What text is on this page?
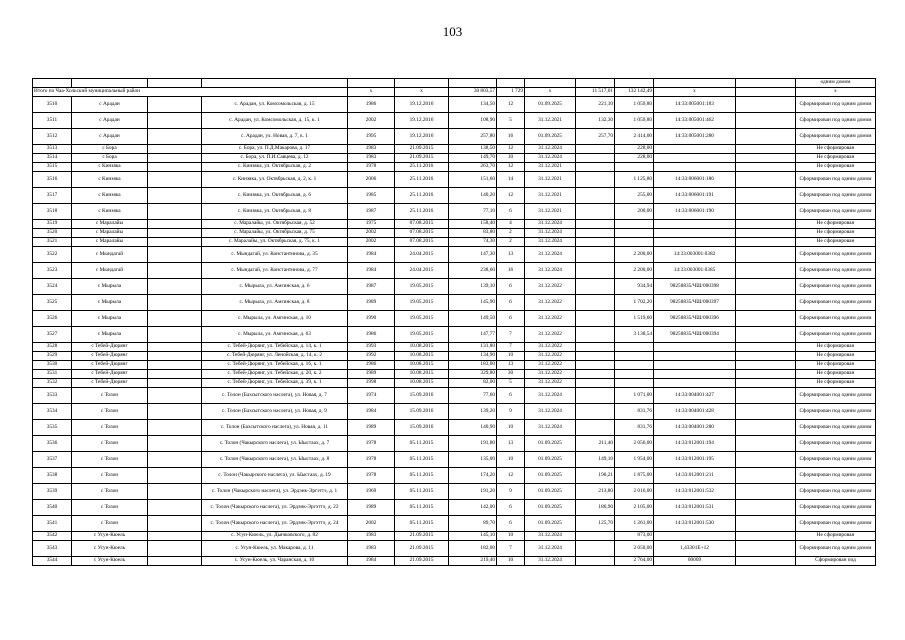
103
													одним домом
Итого по Чаа-Хольский муниципальный район				x	x	30 803,57	1 729	x	11 517,01	132 142,49	x		x
3510	с Арадан		с. Арадан, ул. Комсомольская, д. 15	1986	19.12.2016	134,50	12	01.09.2025	221,10	1 059,80	14:33:005001:183		Сформирован под одним домом
3511	с Арадан		с. Арадан, ул. Комсомольская, д. 15, к. 1	2002	19.12.2016	108,90	5	31.12.2021	132,30	1 059,80	14:33:005001:462		Сформирован под одним домом
3512	с Арадан		с. Арадан, ул. Новая, д. 7, к. 1	1995	19.12.2016	257,80	16	01.09.2025	257,70	2 414,00	14:33:005001:280		Сформирован под одним домом
3513	с Бора		с. Бора, ул. П.Д.Макарова, д. 17	1983	21.09.2015	138,50	12	31.12.2024		228,00			Не сформирован
3514	с Бора		с. Бора, ул. П.И.Савцева, д. 12	1983	21.09.2015	149,70	10	31.12.2024		228,00			Не сформирован
3515	с Кинзяка		с. Кинзяка, ул. Октябрьская, д. 2	1978	25.11.2016	263,70	12	31.12.2021					Не сформирован
3516	с Кинзяка		с. Кинзяка, ул. Октябрьская, д. 2, к. 1	2006	25.11.2016	151,60	14	31.12.2021		1 125,80	14:33:006001:186		Сформирован под одним домом
3517	с Кинзяка		с. Кинзяка, ул. Октябрьская, д. 6	1985	25.11.2016	140,20	12	31.12.2021		255,00	14:33:006001:191		Сформирован под одним домом
3518	с Кинзяка		с. Кинзяка, ул. Октябрьская, д. 8	1987	25.11.2016	77,10	6	31.12.2021		200,00	14:33:006001:190		Сформирован под одним домом
3519	с Маралайы		с. Маралайы, ул. Октябрьская, д. 52	1975	07.08.2015	158,40	4	31.12.2024					Не сформирован
3520	с Маралайы		с. Маралайы, ул. Октябрьская, д. 75	2002	07.08.2015	83,80	2	31.12.2024					Не сформирован
3521	с Маралайы		с. Маралайы, ул. Октябрьская, д. 75, к. 1	2002	07.08.2015	74,30	2	31.12.2024					Не сформирован
3522	с Мындагай		с. Мындагай, ул. Константинова, д. 35	1984	24.04.2015	147,30	13	31.12.2024		2 200,00	14:33:003001:0382		Сформирован под одним домом
3523	с Мындагай		с. Мындагай, ул. Константинова, д. 77	1984	24.04.2015	238,60	16	31.12.2024		2 200,00	14:33:003001:0385		Сформирован под одним домом
3524	с Мырыла		с. Мырыла, ул. Амгинская, д. 6	1987	19.05.2015	139,10	6	31.12.2022		934,94	98258835/ЧШ/000398		Сформирован под одним домом
3525	с Мырыла		с. Мырыла, ул. Амгинская, д. 8	1989	19.05.2015	145,90	6	31.12.2022		1 702,20	98258835/ЧШ/000397		Сформирован под одним домом
3526	с Мырыла		с. Мырыла, ул. Амгинская, д. 10	1990	19.05.2015	149,50	6	31.12.2022		1 519,60	98258835/ЧШ/000396		Сформирован под одним домом
3527	с Мырыла		с. Мырыла, ул. Амгинская, д. 63	1986	19.05.2015	147,77	7	31.12.2022		3 138,54	98258835/ЧШ/000394		Сформирован под одним домом
3528	с Тебей-Дюрянг		с. Тебей-Дюрянг, ул. Тебейская, д. 14, к. 1	1993	10.08.2015	131,80	7	31.12.2022					Не сформирован
3529	с Тебей-Дюрянг		с. Тебей-Дюрянг, ул. Ленойская, д. 14, к. 2	1992	10.08.2015	134,90	10	31.12.2022					Не сформирован
3530	с Тебей-Дюрянг		с. Тебей-Дюрянг, ул. Тебейская, д. 16, к. 1	1986	10.08.2015	183,00	13	31.12.2022					Не сформирован
3531	с Тебей-Дюрянг		с. Тебей-Дюрянг, ул. Тебейская, д. 20, к. 2	1989	10.08.2015	329,80	30	31.12.2022					Не сформирован
3532	с Тебей-Дюрянг		с. Тебей-Дюрянг, ул. Тебейская, д. 39, к. 1	1998	10.08.2015	82,00	5	31.12.2022					Не сформирован
3533	с Толон		с. Толон (Бахсытского наслега), ул. Новая, д. 7	1974	15.09.2016	77,60	6	31.12.2024		1 071,00	14:33:004001:427		Сформирован под одним домом
3534	с Толон		с. Толон (Бахсытского наслега), ул. Новая, д. 9	1984	15.09.2016	139,20	9	31.12.2024		831,76	14:33:004001:428		Сформирован под одним домом
3535	с Толон		с. Толон (Бахсытского наслега), ул. Новая, д. 11	1989	15.09.2016	140,90	10	31.12.2024		831,76	14:33:004001:280		Сформирован под одним домом
3536	с Толон		с. Толон (Чакырского наслега), ул. Ыыстаах, д. 7	1978	05.11.2015	191,80	13	01.09.2025	211,40	2 056,00	14:33:012001:194		Сформирован под одним домом
3537	с Толон		с. Толон (Чакырского наслега), ул. Ыыстаах, д. 8	1978	05.11.2015	135,00	10	01.09.2025	149,10	1 954,00	14:33:012001:195		Сформирован под одним домом
3538	с Толон		с. Толон (Чакырского наслега), ул. Ыыстаах, д. 19	1978	05.11.2015	174,20	12	01.09.2025	190,21	1 875,00	14:33:012001:211		Сформирован под одним домом
3539	с Толон		с. Толон (Чакырского наслега), ул. Эрдэнк-Эргэттэ, д. 1	1969	05.11.2015	191,20	9	01.09.2025	213,80	2 016,00	14:33:012001:532		Сформирован под одним домом
3540	с Толон		с. Толон (Чакырского наслега), ул. Эрдэнк-Эргэттэ, д. 22	1989	05.11.2015	142,00	6	01.09.2025	186,90	2 105,00	14:33:012001:531		Сформирован под одним домом
3541	с Толон		с. Толон (Чакырского наслега), ул. Эрдэнк-Эргэттэ, д. 24	2002	05.11.2015	89,70	6	01.09.2025	125,70	1 261,00	14:33:012001:530		Сформирован под одним домом
3542	с Усун-Кюель		с. Усун-Кюель, ул. Дьячковского, д. 82	1983	21.09.2015	145,10	10	31.12.2024		873,00			Не сформирован
3543	с Усун-Кюель		с. Усун-Кюель, ул. Макарова, д. 11	1983	21.09.2015	182,00	7	31.12.2024		2 050,00	1,43301E+12		Сформирован под одним домом
3544	с Усун-Кюель		с. Усун-Кюель, ул. Чаранская, д. 10	1984	21.09.2015	219,40	10	31.12.2024		2 764,00	00009		Сформирован под
